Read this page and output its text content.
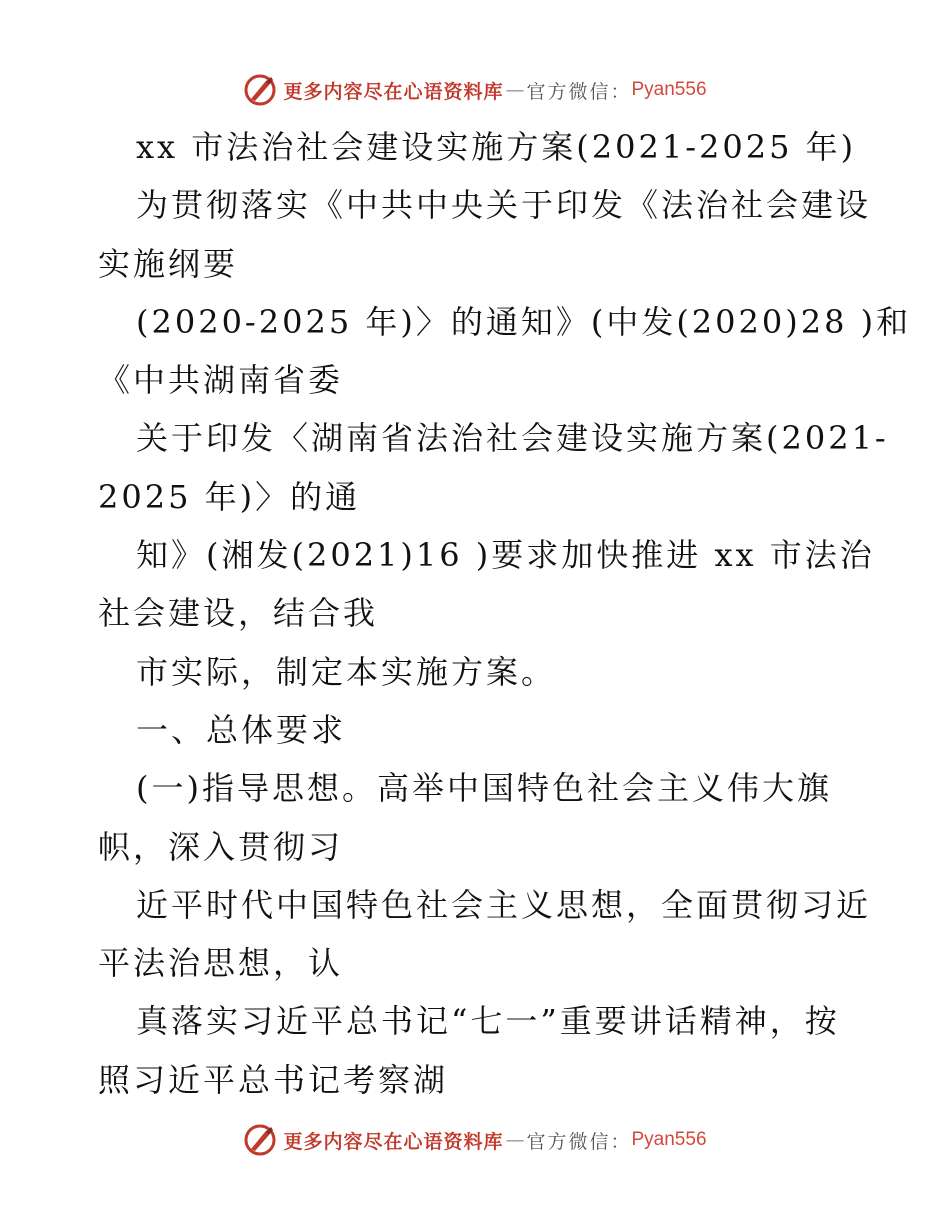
更多内容尽在心语资料库 — 官方微信： Pyan556
xx 市法治社会建设实施方案(2021-2025 年)
为贯彻落实《中共中央关于印发《法治社会建设
实施纲要
(2020-2025 年)〉的通知》(中发(2020)28 )和
《中共湖南省委
关于印发〈湖南省法治社会建设实施方案(2021-
2025 年)〉的通
知》(湘发(2021)16 )要求加快推进 xx 市法治
社会建设，结合我
市实际，制定本实施方案。
一、总体要求
(一)指导思想。高举中国特色社会主义伟大旗
帜，深入贯彻习
近平时代中国特色社会主义思想，全面贯彻习近
平法治思想，认
真落实习近平总书记“七一”重要讲话精神，按
照习近平总书记考察湖
更多内容尽在心语资料库 — 官方微信： Pyan556
